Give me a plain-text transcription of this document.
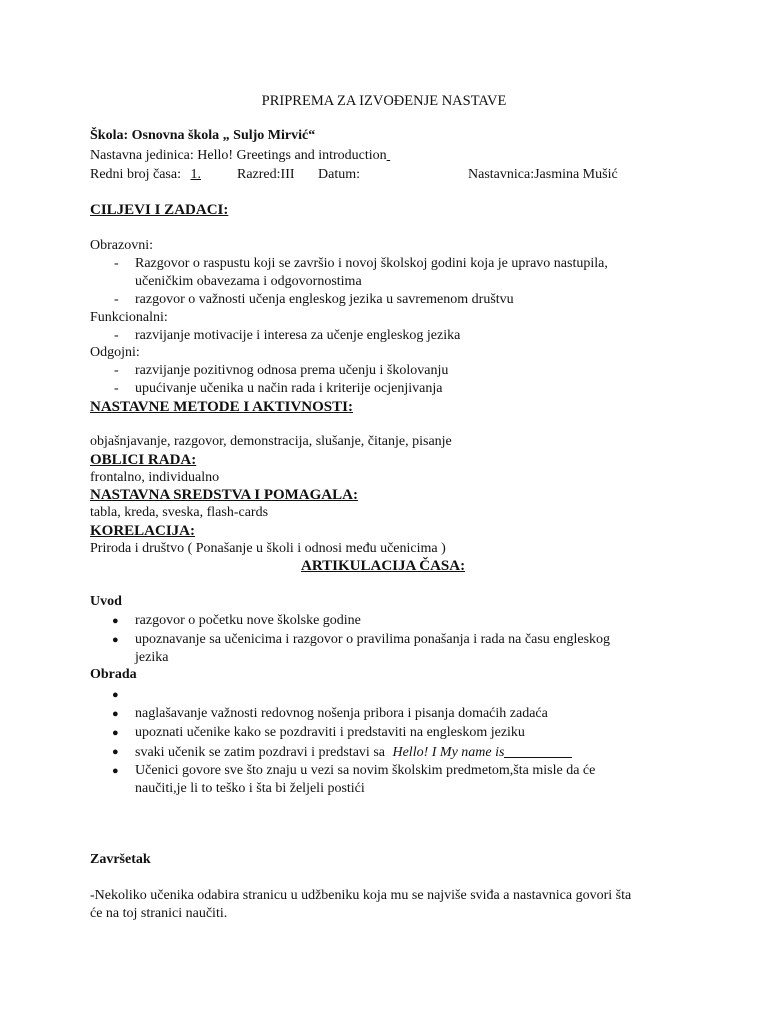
PRIPREMA ZA IZVOĐENJE NASTAVE
Škola: Osnovna škola „ Suljo Mirvić“
Nastavna jedinica: Hello! Greetings and introduction
Redni broj časa: 1.	Razred:III Datum:	Nastavnica:Jasmina Mušić
CILJEVI I ZADACI:
Obrazovni:
- Razgovor o raspustu koji se završio i novoj školskoj godini koja je upravo nastupila,
učeničkim obavezama i odgovornostima
- razgovor o važnosti učenja engleskog jezika u savremenom društvu
Funkcionalni:
- razvijanje motivacije i interesa za učenje engleskog jezika
Odgojni:
- razvijanje pozitivnog odnosa prema učenju i školovanju
- upućivanje učenika u način rada i kriterije ocjenjivanja
NASTAVNE METODE I AKTIVNOSTI:
objašnjavanje, razgovor, demonstracija, slušanje, čitanje, pisanje
OBLICI RADA:
frontalno, individualno
NASTAVNA SREDSTVA I POMAGALA:
tabla, kreda, sveska, flash-cards
KORELACIJA:
Priroda i društvo ( Ponašanje u školi i odnosi među učenicima )
ARTIKULACIJA ČASA:
Uvod
● razgovor o početku nove školske godine
● upoznavanje sa učenicima i razgovor o pravilima ponašanja i rada na času engleskog
jezika
Obrada
●
● naglašavanje važnosti redovnog nošenja pribora i pisanja domaćih zadaća
● upoznati učenike kako se pozdraviti i predstaviti na engleskom jeziku
● svaki učenik se zatim pozdravi i predstavi sa Hello! I My name is
● Učenici govore sve što znaju u vezi sa novim školskim predmetom,šta misle da će
naučiti,je li to teško i šta bi željeli postići
Završetak
-Nekoliko učenika odabira stranicu u udžbeniku koja mu se najviše sviđa a nastavnica govori šta
će na toj stranici naučiti.
